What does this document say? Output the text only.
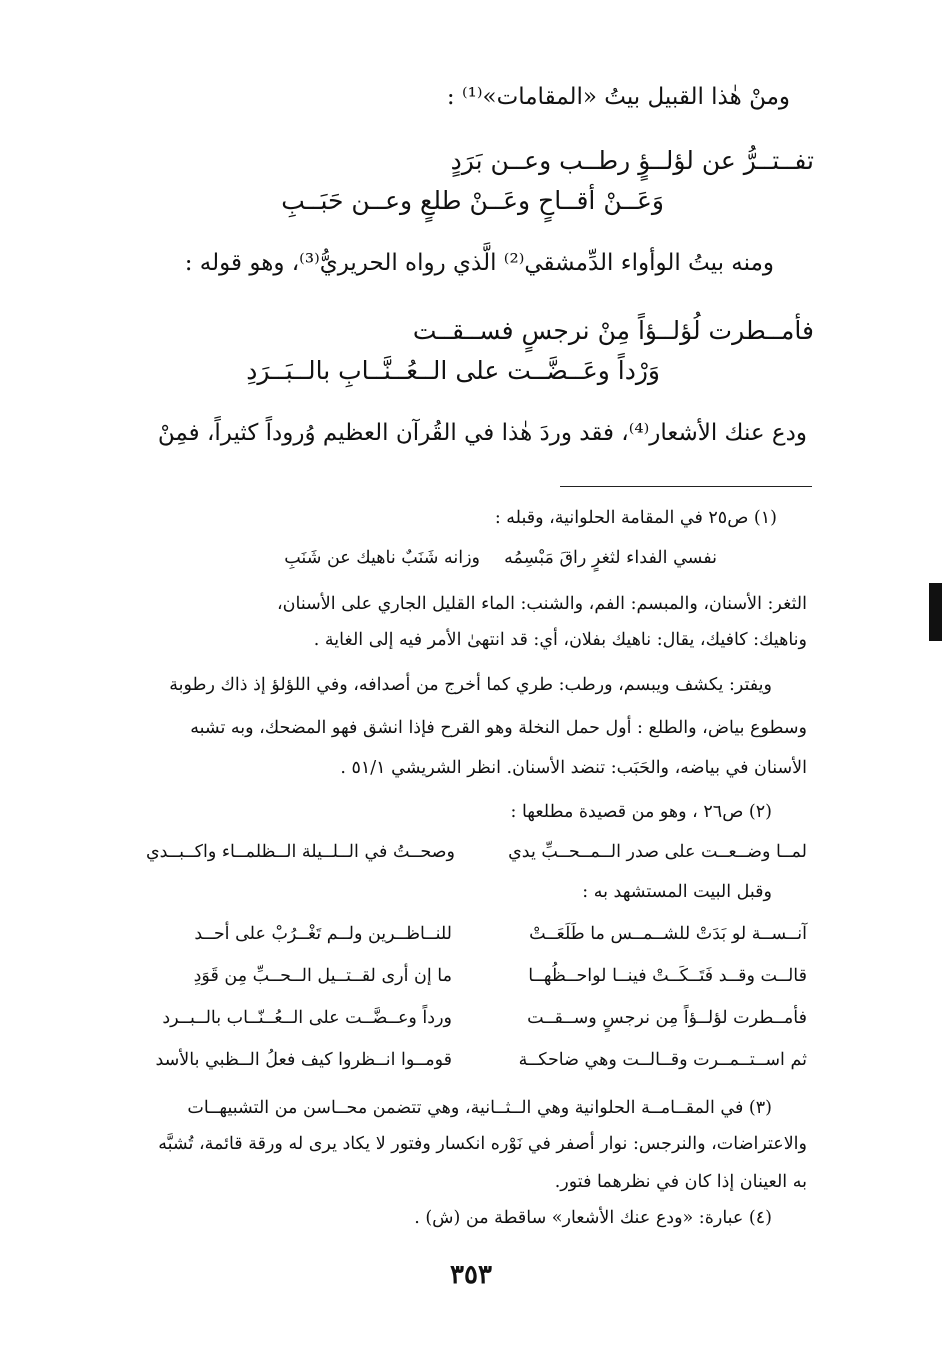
ومنْ هٰذا القبيل بيتُ «المقامات»⁽¹⁾ :
تفــتــرُّ عن لؤلــؤٍ رطــب وعــن بَرَدٍ
وَعَــنْ أقــاحٍ وعَــنْ طلعٍ وعــن حَبَــبِ
ومنه بيتُ الوأواء الدِّمشقي⁽²⁾ الَّذي رواه الحريريُّ⁽³⁾، وهو قوله :
فأمــطرت لُؤلــؤاً مِنْ نرجسٍ فســقــت
وَرْداً وعَــضَّــت على الــعُــنَّــابِ بالــبَــرَدِ
ودع عنك الأشعار⁽⁴⁾، فقد وردَ هٰذا في القُرآن العظيم وُروداً كثيراً، فمِنْ
(١) ص٢٥ في المقامة الحلوانية، وقبله :
نفسي الفداء لثغرٍ راقَ مَبْسِمُه
وزانه شَنَبٌ ناهيك عن شَنَبِ
الثغر: الأسنان، والمبسم: الفم، والشنب: الماء القليل الجاري على الأسنان،
وناهيك: كافيك، يقال: ناهيك بفلان، أي: قد انتهىٰ الأمر فيه إلى الغاية .
ويفتر: يكشف ويبسم، ورطب: طري كما أخرج من أصدافه، وفي اللؤلؤ إذ ذاك رطوبة
وسطوع بياض، والطلع : أول حمل النخلة وهو القرح فإذا انشق فهو المضحك، وبه تشبه
الأسنان في بياضه، والحَبَب: تنضد الأسنان. انظر الشريشي ٥١/١ .
(٢) ص٢٦ ، وهو من قصيدة مطلعها :
لمــا وضــعــت على صدر الــمــحــبِّ يدي
وصحــتُ في الــلــيلة الــظلمــاء واكــبــدي
وقبل البيت المستشهد به :
آنــســة لو بَدَتْ للشــمــس ما طَلَعَــتْ
للنــاظــرين ولــم تَغْــرُبْ على أحــد
قالــت وقــد فَتَــكَــتْ فينــا لواحــظُهــا
ما إن أرى لقــتــيل الــحــبِّ مِن قَوَدِ
فأمــطرت لؤلــؤاً مِن نرجسٍ وســقــت
ورداً وعــضَّــت على الــعُــنّــاب بالــبــرد
ثم اســتــمــرت وقــالــت وهي ضاحكــة
قومــوا انــظروا كيف فعلُ الــظبي بالأسد
(٣) في المقــامــة الحلوانية وهي الــثــانية، وهي تتضمن محــاسن من التشبيهــات
والاعتراضات، والنرجس: نوار أصفر في نَوْره انكسار وفتور لا يكاد يرى له ورقة قائمة، تُشبَّه
به العينان إذا كان في نظرهما فتور.
(٤) عبارة: «ودع عنك الأشعار» ساقطة من (ش) .
٣٥٣
